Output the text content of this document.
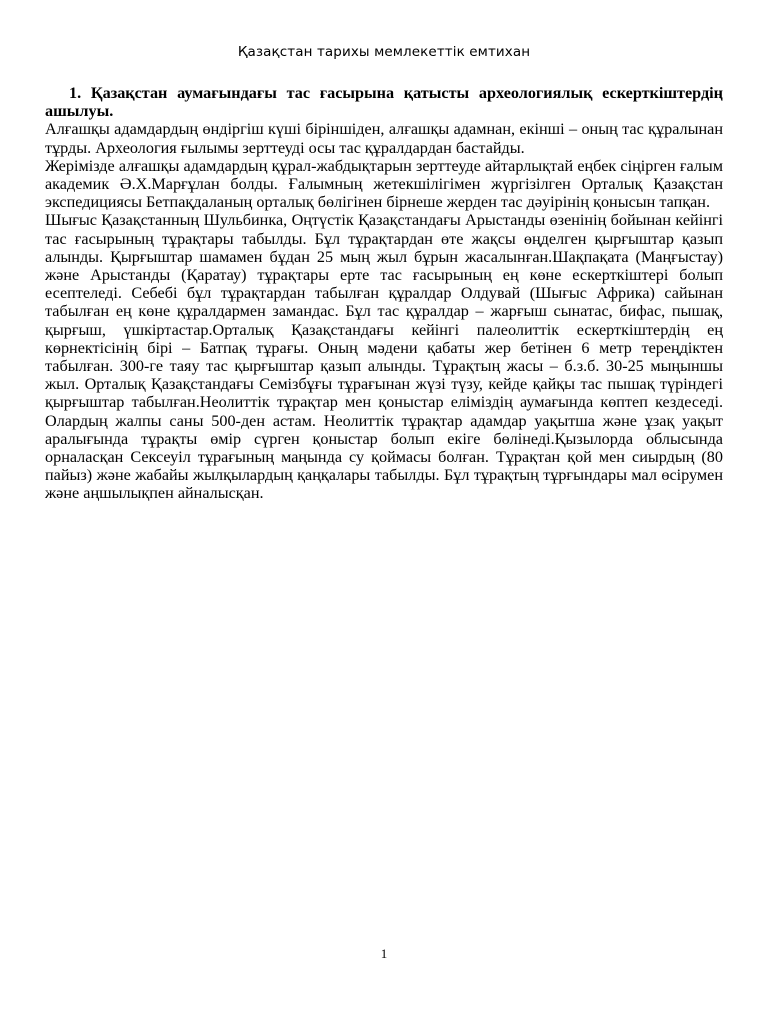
Қазақстан тарихы мемлекеттік емтихан

1. Қазақстан аумағындағы тас ғасырына қатысты археологиялық ескерткіштердің ашылуы.

Алғашқы адамдардың өндіргіш күші біріншіден, алғашқы адамнан, екінші – оның тас құралынан тұрды. Археология ғылымы зерттеуді осы тас құралдардан бастайды.

Жерімізде алғашқы адамдардың құрал-жабдықтарын зерттеуде айтарлықтай еңбек сіңірген ғалым академик Ә.Х.Марғұлан болды. Ғалымның жетекшілігімен жүргізілген Орталық Қазақстан экспедициясы Бетпақдаланың орталық бөлігінен бірнеше жерден тас дәуірінің қонысын тапқан.

Шығыс Қазақстанның Шульбинка, Оңтүстік Қазақстандағы Арыстанды өзенінің бойынан кейінгі тас ғасырының тұрақтары табылды. Бұл тұрақтардан өте жақсы өңделген қырғыштар қазып алынды. Қырғыштар шамамен бұдан 25 мың жыл бұрын жасалынған.Шақпақата (Маңғыстау) және Арыстанды (Қаратау) тұрақтары ерте тас ғасырының ең көне ескерткіштері болып есептеледі. Себебі бұл тұрақтардан табылған құралдар Олдувай (Шығыс Африка) сайынан табылған ең көне құралдармен замандас. Бұл тас құралдар – жарғыш сынатас, бифас, пышақ, қырғыш, үшкіртастар.Орталық Қазақстандағы кейінгі палеолиттік ескерткіштердің ең көрнектісінің бірі – Батпақ тұрағы. Оның мәдени қабаты жер бетінен 6 метр тереңдіктен табылған. 300-ге таяу тас қырғыштар қазып алынды. Тұрақтың жасы – б.з.б. 30-25 мыңыншы жыл. Орталық Қазақстандағы Семізбұғы тұрағынан жүзі түзу, кейде қайқы тас пышақ түріндегі қырғыштар табылған.Неолиттік тұрақтар мен қоныстар еліміздің аумағында көптеп кездеседі. Олардың жалпы саны 500-ден астам. Неолиттік тұрақтар адамдар уақытша және ұзақ уақыт аралығында тұрақты өмір сүрген қоныстар болып екіге бөлінеді.Қызылорда облысында орналасқан Сексеуіл тұрағының маңында су қоймасы болған. Тұрақтан қой мен сиырдың (80 пайыз) және жабайы жылқылардың қаңқалары табылды. Бұл тұрақтың тұрғындары мал өсірумен және аңшылықпен айналысқан.

1
